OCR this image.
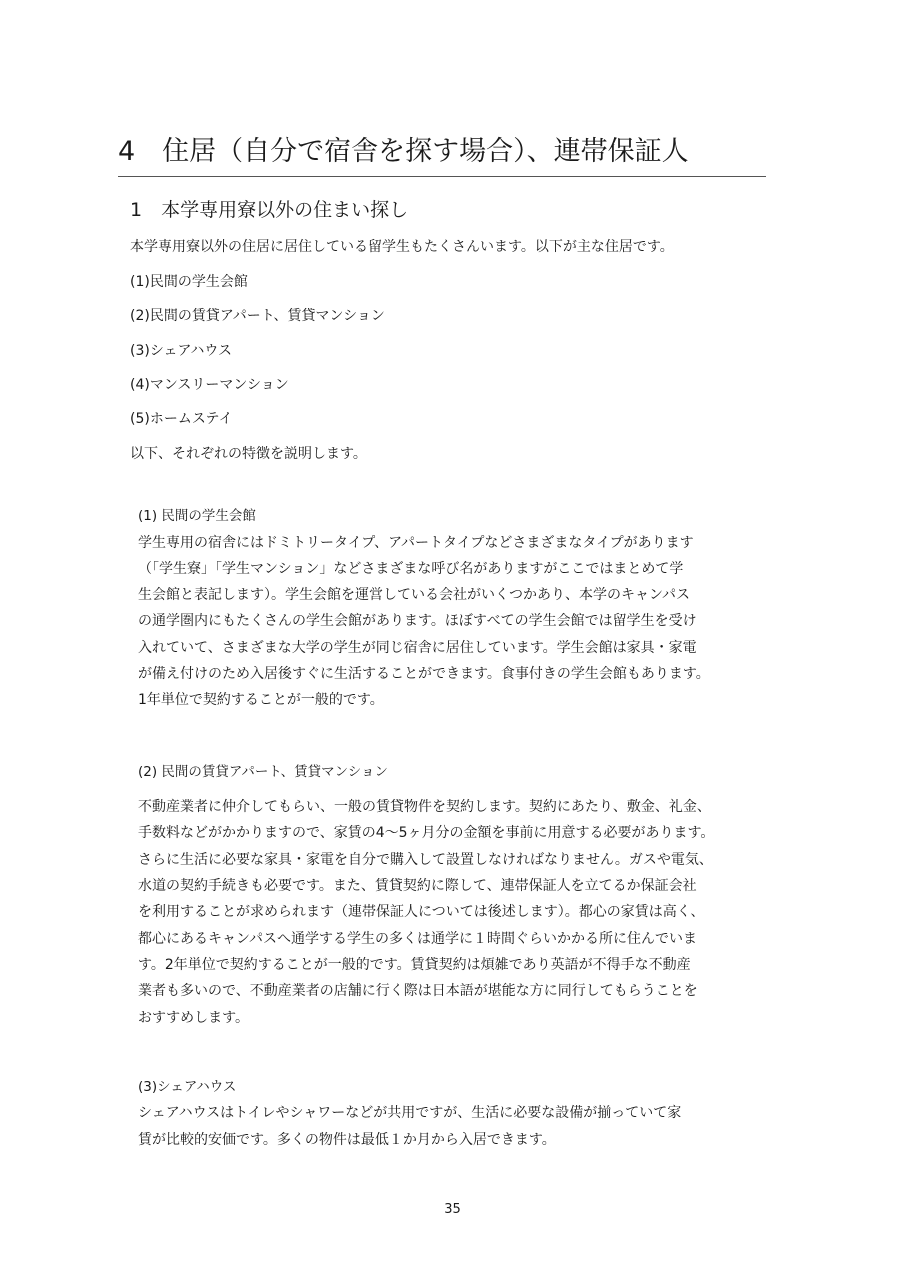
4　住居（自分で宿舎を探す場合）、連帯保証人
1　本学専用寮以外の住まい探し

本学専用寮以外の住居に居住している留学生もたくさんいます。以下が主な住居です。

(1)民間の学生会館

(2)民間の賃貸アパート、賃貸マンション

(3)シェアハウス

(4)マンスリーマンション

(5)ホームステイ

以下、それぞれの特徴を説明します。

(1) 民間の学生会館

学生専用の宿舎にはドミトリータイプ、アパートタイプなどさまざまなタイプがあります

（「学生寮」「学生マンション」などさまざまな呼び名がありますがここではまとめて学

生会館と表記します）。学生会館を運営している会社がいくつかあり、本学のキャンパス

の通学圏内にもたくさんの学生会館があります。ほぼすべての学生会館では留学生を受け

入れていて、さまざまな大学の学生が同じ宿舎に居住しています。学生会館は家具・家電

が備え付けのため入居後すぐに生活することができます。食事付きの学生会館もあります。

1年単位で契約することが一般的です。

(2) 民間の賃貸アパート、賃貸マンション

不動産業者に仲介してもらい、一般の賃貸物件を契約します。契約にあたり、敷金、礼金、

手数料などがかかりますので、家賃の4～5ヶ月分の金額を事前に用意する必要があります。

さらに生活に必要な家具・家電を自分で購入して設置しなければなりません。ガスや電気、

水道の契約手続きも必要です。また、賃貸契約に際して、連帯保証人を立てるか保証会社

を利用することが求められます（連帯保証人については後述します）。都心の家賃は高く、

都心にあるキャンパスへ通学する学生の多くは通学に１時間ぐらいかかる所に住んでいま

す。2年単位で契約することが一般的です。賃貸契約は煩雑であり英語が不得手な不動産

業者も多いので、不動産業者の店舗に行く際は日本語が堪能な方に同行してもらうことを

おすすめします。

(3)シェアハウス

シェアハウスはトイレやシャワーなどが共用ですが、生活に必要な設備が揃っていて家

賃が比較的安価です。多くの物件は最低１か月から入居できます。

35
